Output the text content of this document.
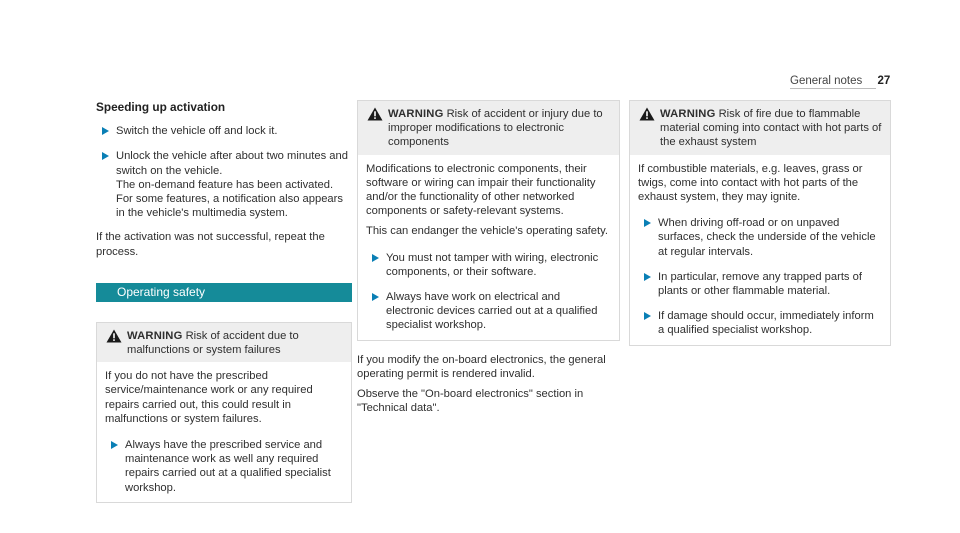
General notes 27
Speeding up activation
Switch the vehicle off and lock it.
Unlock the vehicle after about two minutes and switch on the vehicle.
The on-demand feature has been activated.
For some features, a notification also appears in the vehicle's multimedia system.
If the activation was not successful, repeat the process.
Operating safety
WARNING Risk of accident due to malfunctions or system failures
If you do not have the prescribed service/maintenance work or any required repairs carried out, this could result in malfunctions or system failures.
Always have the prescribed service and maintenance work as well any required repairs carried out at a qualified specialist workshop.
WARNING Risk of accident or injury due to improper modifications to electronic components
Modifications to electronic components, their software or wiring can impair their functionality and/or the functionality of other networked components or safety-relevant systems.
This can endanger the vehicle's operating safety.
You must not tamper with wiring, electronic components, or their software.
Always have work on electrical and electronic devices carried out at a qualified specialist workshop.
If you modify the on-board electronics, the general operating permit is rendered invalid.
Observe the "On-board electronics" section in "Technical data".
WARNING Risk of fire due to flammable material coming into contact with hot parts of the exhaust system
If combustible materials, e.g. leaves, grass or twigs, come into contact with hot parts of the exhaust system, they may ignite.
When driving off-road or on unpaved surfaces, check the underside of the vehicle at regular intervals.
In particular, remove any trapped parts of plants or other flammable material.
If damage should occur, immediately inform a qualified specialist workshop.
